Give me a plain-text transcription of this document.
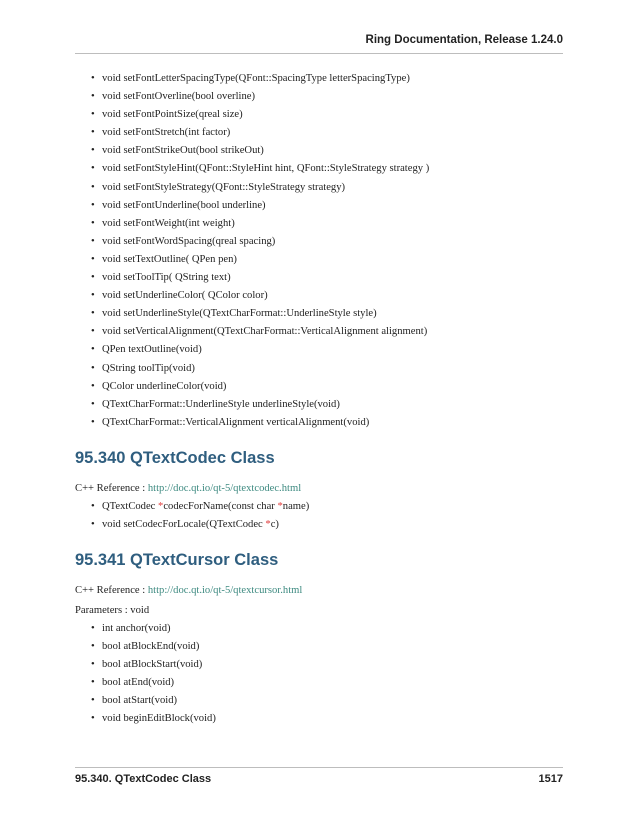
Ring Documentation, Release 1.24.0
• void setFontLetterSpacingType(QFont::SpacingType letterSpacingType)
• void setFontOverline(bool overline)
• void setFontPointSize(qreal size)
• void setFontStretch(int factor)
• void setFontStrikeOut(bool strikeOut)
• void setFontStyleHint(QFont::StyleHint hint, QFont::StyleStrategy strategy )
• void setFontStyleStrategy(QFont::StyleStrategy strategy)
• void setFontUnderline(bool underline)
• void setFontWeight(int weight)
• void setFontWordSpacing(qreal spacing)
• void setTextOutline( QPen pen)
• void setToolTip( QString text)
• void setUnderlineColor( QColor color)
• void setUnderlineStyle(QTextCharFormat::UnderlineStyle style)
• void setVerticalAlignment(QTextCharFormat::VerticalAlignment alignment)
• QPen textOutline(void)
• QString toolTip(void)
• QColor underlineColor(void)
• QTextCharFormat::UnderlineStyle underlineStyle(void)
• QTextCharFormat::VerticalAlignment verticalAlignment(void)
95.340 QTextCodec Class

C++ Reference : http://doc.qt.io/qt-5/qtextcodec.html

• QTextCodec *codecForName(const char *name)
• void setCodecForLocale(QTextCodec *c)
95.341 QTextCursor Class

C++ Reference : http://doc.qt.io/qt-5/qtextcursor.html

Parameters : void

• int anchor(void)
• bool atBlockEnd(void)
• bool atBlockStart(void)
• bool atEnd(void)
• bool atStart(void)
• void beginEditBlock(void)
95.340. QTextCodec Class	1517
